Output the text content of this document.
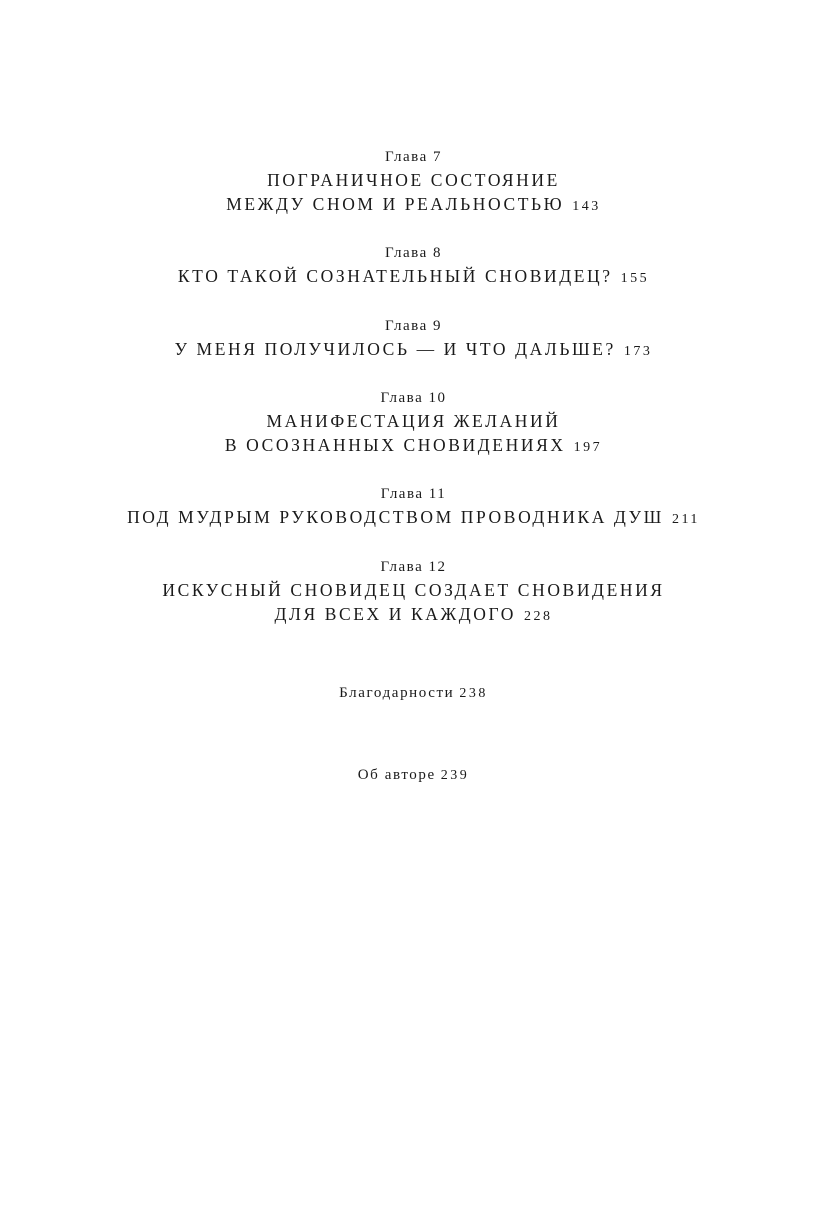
Глава 7
ПОГРАНИЧНОЕ СОСТОЯНИЕ
МЕЖДУ СНОМ И РЕАЛЬНОСТЬЮ 143
Глава 8
КТО ТАКОЙ СОЗНАТЕЛЬНЫЙ СНОВИДЕЦ? 155
Глава 9
У МЕНЯ ПОЛУЧИЛОСЬ — И ЧТО ДАЛЬШЕ? 173
Глава 10
МАНИФЕСТАЦИЯ ЖЕЛАНИЙ
В ОСОЗНАННЫХ СНОВИДЕНИЯХ 197
Глава 11
ПОД МУДРЫМ РУКОВОДСТВОМ ПРОВОДНИКА ДУШ 211
Глава 12
ИСКУСНЫЙ СНОВИДЕЦ СОЗДАЕТ СНОВИДЕНИЯ
ДЛЯ ВСЕХ И КАЖДОГО 228
Благодарности 238
Об авторе 239
